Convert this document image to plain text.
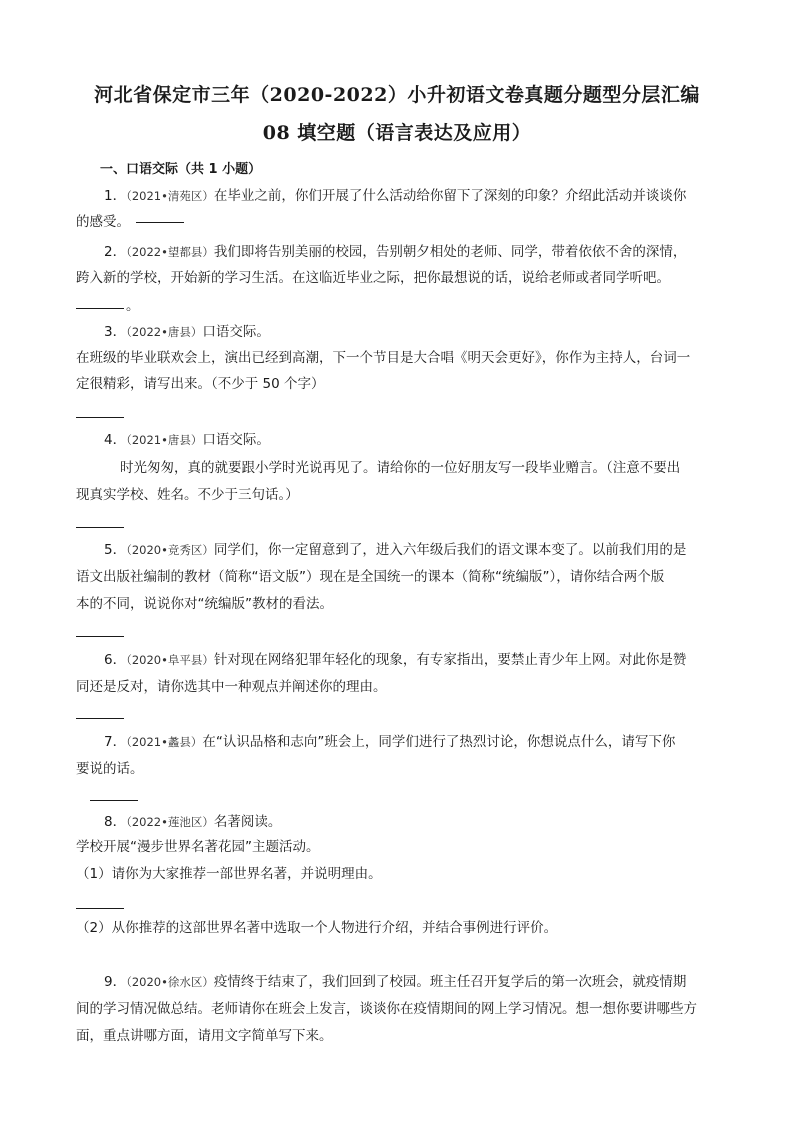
河北省保定市三年（2020-2022）小升初语文卷真题分题型分层汇编
08 填空题（语言表达及应用）
一、口语交际（共 1 小题）
1．（2021•清苑区）在毕业之前，你们开展了什么活动给你留下了深刻的印象？介绍此活动并谈谈你
的感受。
2．（2022•望都县）我们即将告别美丽的校园，告别朝夕相处的老师、同学，带着依依不舍的深情，
跨入新的学校，开始新的学习生活。在这临近毕业之际，把你最想说的话，说给老师或者同学听吧。
。
3．（2022•唐县）口语交际。
在班级的毕业联欢会上，演出已经到高潮，下一个节目是大合唱《明天会更好》，你作为主持人，台词一
定很精彩，请写出来。（不少于 50 个字）
4．（2021•唐县）口语交际。
时光匆匆，真的就要跟小学时光说再见了。请给你的一位好朋友写一段毕业赠言。（注意不要出
现真实学校、姓名。不少于三句话。）
5．（2020•竞秀区）同学们，你一定留意到了，进入六年级后我们的语文课本变了。以前我们用的是
语文出版社编制的教材（简称“语文版”）现在是全国统一的课本（简称“统编版”），请你结合两个版
本的不同，说说你对“统编版”教材的看法。
6．（2020•阜平县）针对现在网络犯罪年轻化的现象，有专家指出，要禁止青少年上网。对此你是赞
同还是反对，请你选其中一种观点并阐述你的理由。
7．（2021•蠡县）在“认识品格和志向”班会上，同学们进行了热烈讨论，你想说点什么，请写下你
要说的话。
8．（2022•莲池区）名著阅读。
学校开展“漫步世界名著花园”主题活动。
（1）请你为大家推荐一部世界名著，并说明理由。
（2）从你推荐的这部世界名著中选取一个人物进行介绍，并结合事例进行评价。
9．（2020•徐水区）疫情终于结束了，我们回到了校园。班主任召开复学后的第一次班会，就疫情期
间的学习情况做总结。老师请你在班会上发言，谈谈你在疫情期间的网上学习情况。想一想你要讲哪些方
面，重点讲哪方面，请用文字简单写下来。
